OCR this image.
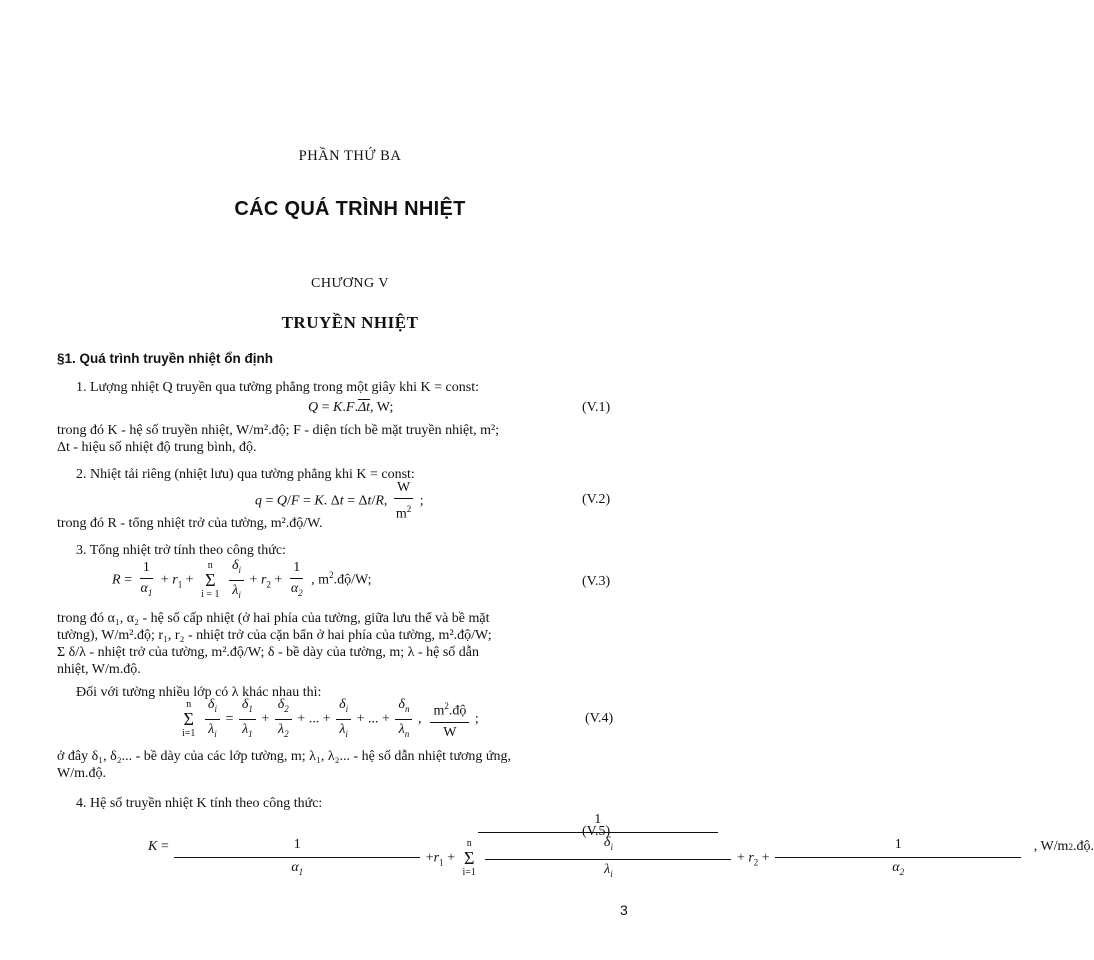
PHẦN THỨ BA
CÁC QUÁ TRÌNH NHIỆT
CHƯƠNG V
TRUYỀN NHIỆT
§1. Quá trình truyền nhiệt ổn định
1. Lượng nhiệt Q truyền qua tường phẳng trong một giây khi K = const:
$Q = K.F.\overline{\Delta t}$, W;	(V.1)
trong đó K - hệ số truyền nhiệt, W/m².độ; F - diện tích bề mặt truyền nhiệt, m²;
Δt - hiệu số nhiệt độ trung bình, độ.
2. Nhiệt tải riêng (nhiệt lưu) qua tường phẳng khi K = const:
q = Q/F = K. Δt = Δt/R, $\frac{W}{m^2}$ ;	(V.2)
trong đó R - tổng nhiệt trở của tường, m².độ/W.
3. Tổng nhiệt trở tính theo công thức:
$R = \frac{1}{\alpha_1} + r_1$ +
n
Σ
i = 1
$\frac{\delta_i}{\lambda_i} + r_2 + \frac{1}{\alpha_2}$ , $m^2.độ/W$;	(V.3)
trong đó α₁, α₂ - hệ số cấp nhiệt (ở hai phía của tường, giữa lưu thể và bề mặt
tường), W/m².độ; r₁, r₂ - nhiệt trở của cặn bẩn ở hai phía của tường, m².độ/W;
Σ δ/λ - nhiệt trở của tường, m².độ/W; δ - bề dày của tường, m; λ - hệ số dẫn
nhiệt, W/m.độ.
Đối với tường nhiều lớp có λ khác nhau thì:
n
Σ
i=1
$\frac{\delta_i}{\lambda_i} = \frac{\delta_1}{\lambda_1} + \frac{\delta_2}{\lambda_2}$ + ... + $\frac{\delta_i}{\lambda_i}$ + ... + $\frac{\delta_n}{\lambda_n}$ , $\frac{m^2.độ}{W}$ ;	(V.4)
ở đây δ₁, δ₂... - bề dày của các lớp tường, m; λ₁, λ₂... - hệ số dẫn nhiệt tương ứng,
W/m.độ.
4. Hệ số truyền nhiệt K tính theo công thức:
K =
1
$\frac{1}{\alpha_1} +r_1$ +
n
Σ
i=1
$\frac{\delta_i}{\lambda_i} + r_2 + \frac{1}{\alpha_2}$ , W/m 2 .độ.
(V.5)
3
